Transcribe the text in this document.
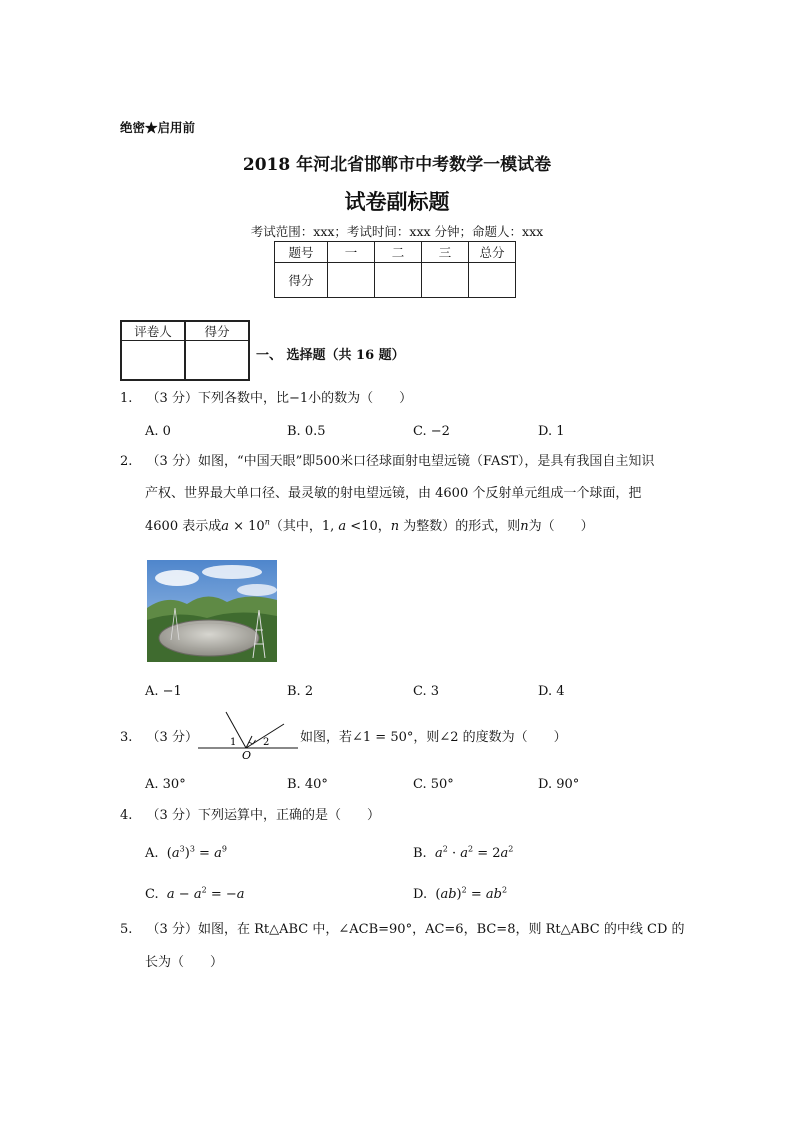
绝密★启用前
2018 年河北省邯郸市中考数学一模试卷
试卷副标题
考试范围：xxx；考试时间：xxx 分钟；命题人：xxx
题号	一	二	三	总分
得分				
评卷人	得分

一、 选择题（共 16 题）
1. （3 分）下列各数中，比−1小的数为（　　）
A. 0	B. 0.5	C. −2	D. 1
2. （3 分）如图，“中国天眼”即500米口径球面射电望远镜（FAST），是具有我国自主知识
产权、世界最大单口径、最灵敏的射电望远镜，由 4600 个反射单元组成一个球面，把
4600 表示成$a \times 10^n$（其中，1, a <10，n 为整数）的形式，则n为（　　）
A. −1	B. 2	C. 3	D. 4
3. （3 分）	1	2
O
如图，若∠1 = 50°，则∠2 的度数为（　　）
A. 30°	B. 40°	C. 50°	D. 90°
4. （3 分）下列运算中，正确的是（　　）
A.  $(a^3)^3 = a^9$	B. $a^2 \cdot a^2 = 2a^2$
C. $a - a^2 = -a$	D.  $(ab)^2 = ab^2$
5. （3 分）如图，在 Rt△ABC 中，∠ACB=90°，AC=6，BC=8，则 Rt△ABC 的中线 CD 的
长为（　　）
